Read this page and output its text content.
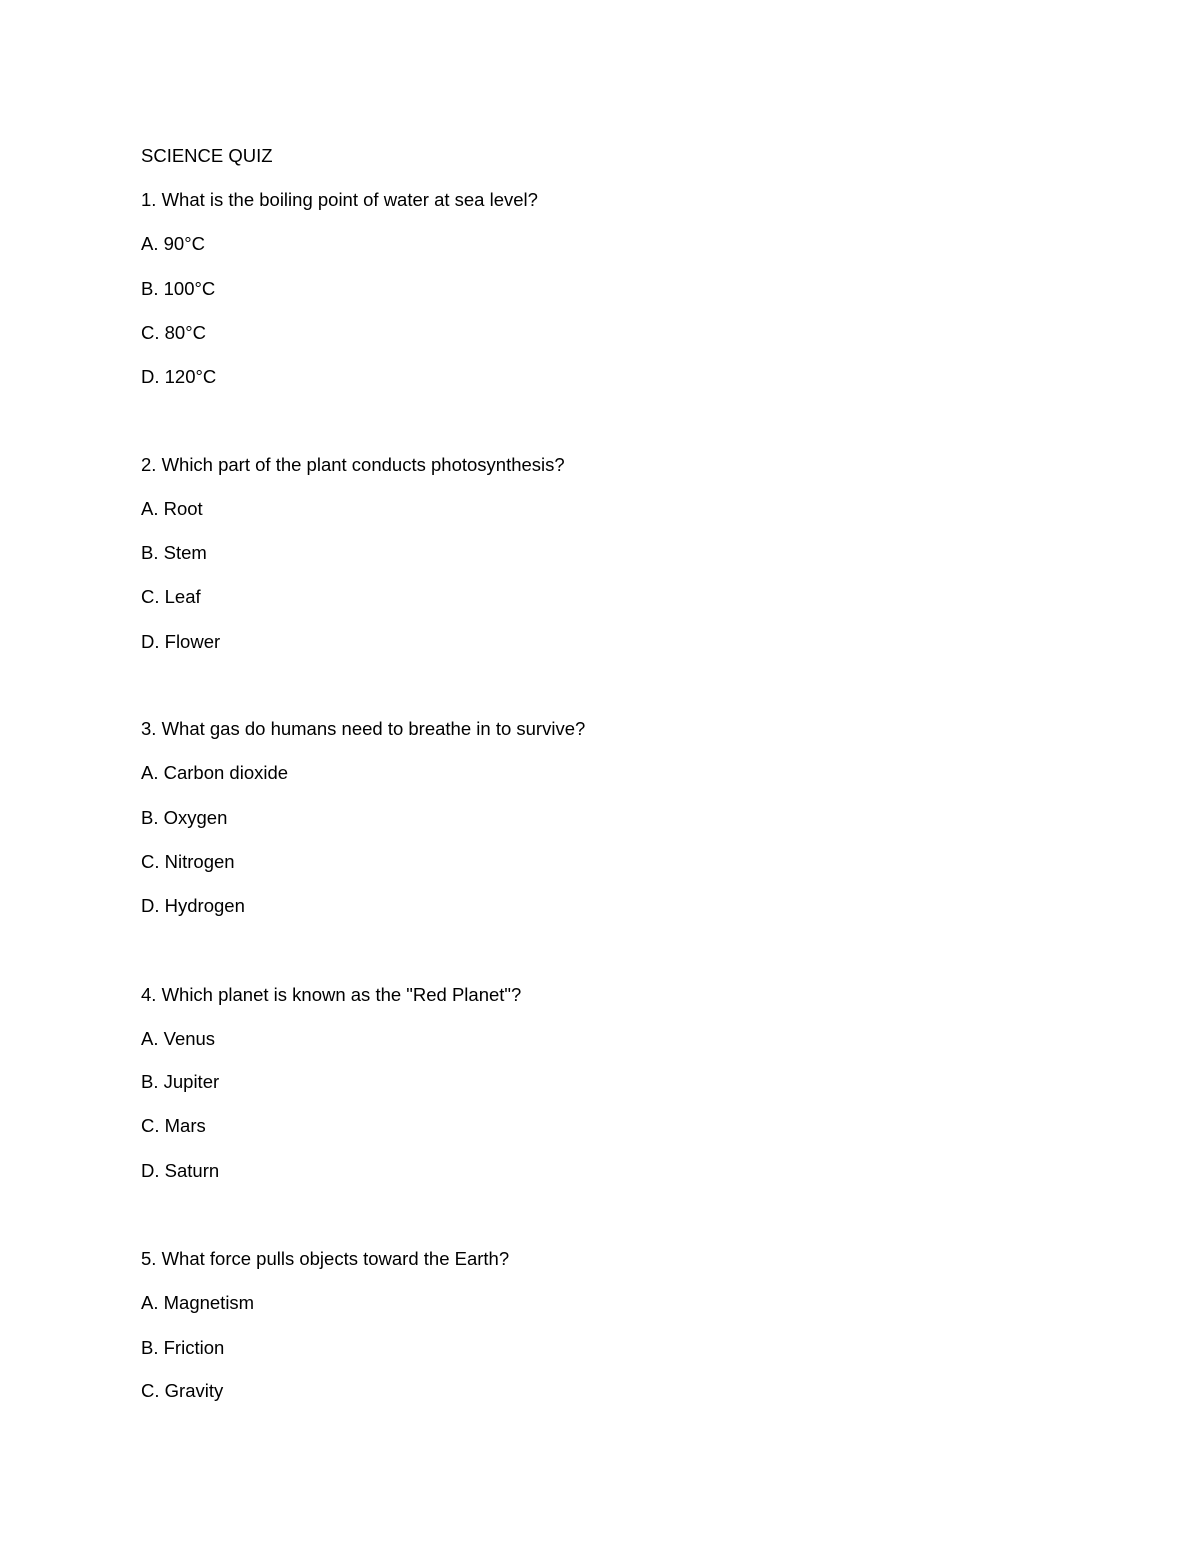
SCIENCE QUIZ
1. What is the boiling point of water at sea level?
A. 90°C
B. 100°C
C. 80°C
D. 120°C
2. Which part of the plant conducts photosynthesis?
A. Root
B. Stem
C. Leaf
D. Flower
3. What gas do humans need to breathe in to survive?
A. Carbon dioxide
B. Oxygen
C. Nitrogen
D. Hydrogen
4. Which planet is known as the "Red Planet"?
A. Venus
B. Jupiter
C. Mars
D. Saturn
5. What force pulls objects toward the Earth?
A. Magnetism
B. Friction
C. Gravity
